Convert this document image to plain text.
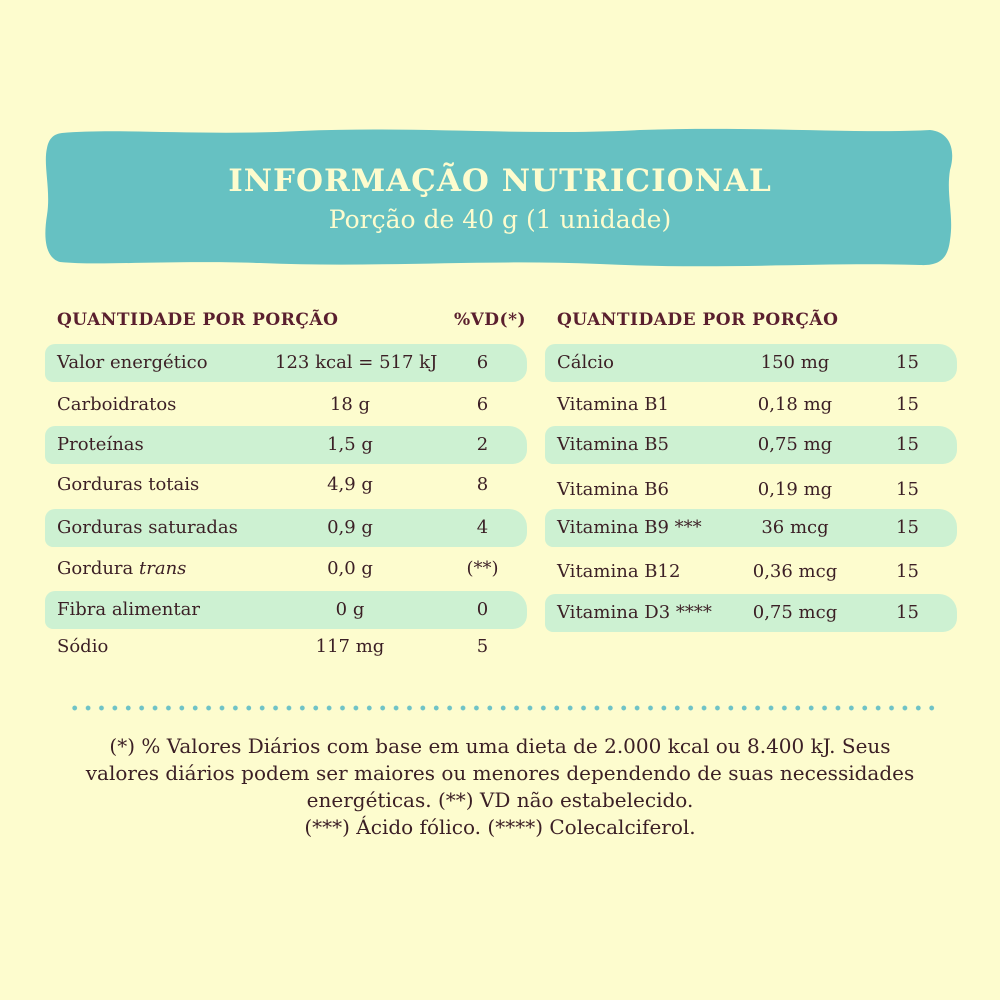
INFORMAÇÃO NUTRICIONAL
Porção de 40 g (1 unidade)
QUANTIDADE POR PORÇÃO	%VD(*)
Valor energético	123 kcal = 517 kJ	6
Carboidratos	18 g	6
Proteínas	1,5 g	2
Gorduras totais	4,9 g	8
Gorduras saturadas	0,9 g	4
Gordura trans	0,0 g	(**)
Fibra alimentar	0 g	0
Sódio	117 mg	5
QUANTIDADE POR PORÇÃO
Cálcio	150 mg	15
Vitamina B1	0,18 mg	15
Vitamina B5	0,75 mg	15
Vitamina B6	0,19 mg	15
Vitamina B9 ***	36 mcg	15
Vitamina B12	0,36 mcg	15
Vitamina D3 ****	0,75 mcg	15
(*) % Valores Diários com base em uma dieta de 2.000 kcal ou 8.400 kJ. Seus
valores diários podem ser maiores ou menores dependendo de suas necessidades
energéticas. (**) VD não estabelecido.
(***) Ácido fólico. (****) Colecalciferol.
